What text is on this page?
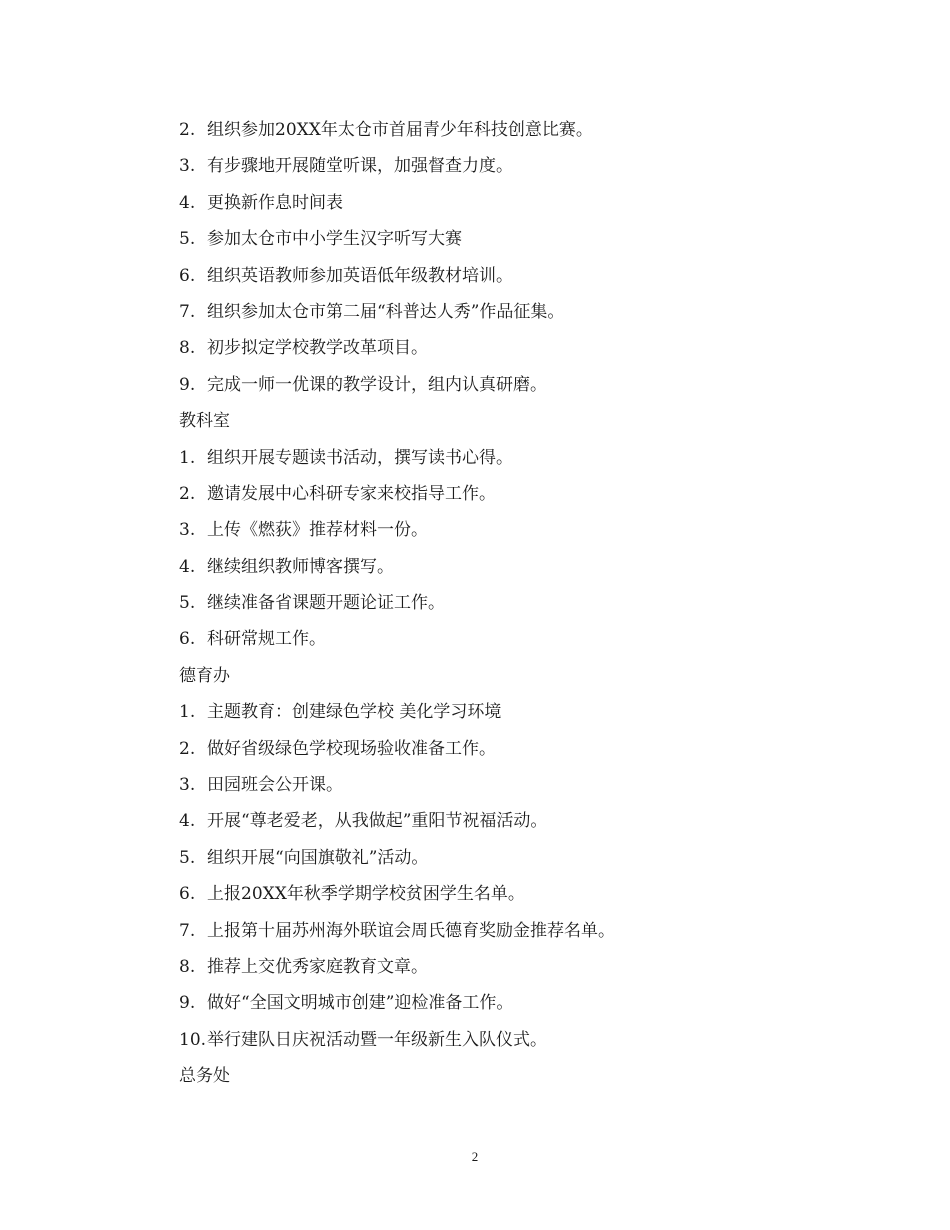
2. 组织参加20XX年太仓市首届青少年科技创意比赛。
3. 有步骤地开展随堂听课，加强督查力度。
4. 更换新作息时间表
5. 参加太仓市中小学生汉字听写大赛
6. 组织英语教师参加英语低年级教材培训。
7. 组织参加太仓市第二届“科普达人秀”作品征集。
8. 初步拟定学校教学改革项目。
9. 完成一师一优课的教学设计，组内认真研磨。
教科室
1. 组织开展专题读书活动，撰写读书心得。
2. 邀请发展中心科研专家来校指导工作。
3. 上传《燃荻》推荐材料一份。
4. 继续组织教师博客撰写。
5. 继续准备省课题开题论证工作。
6. 科研常规工作。
德育办
1. 主题教育：创建绿色学校 美化学习环境
2. 做好省级绿色学校现场验收准备工作。
3. 田园班会公开课。
4. 开展“尊老爱老，从我做起”重阳节祝福活动。
5. 组织开展“向国旗敬礼”活动。
6. 上报20XX年秋季学期学校贫困学生名单。
7. 上报第十届苏州海外联谊会周氏德育奖励金推荐名单。
8. 推荐上交优秀家庭教育文章。
9. 做好“全国文明城市创建”迎检准备工作。
10.举行建队日庆祝活动暨一年级新生入队仪式。
总务处
2
